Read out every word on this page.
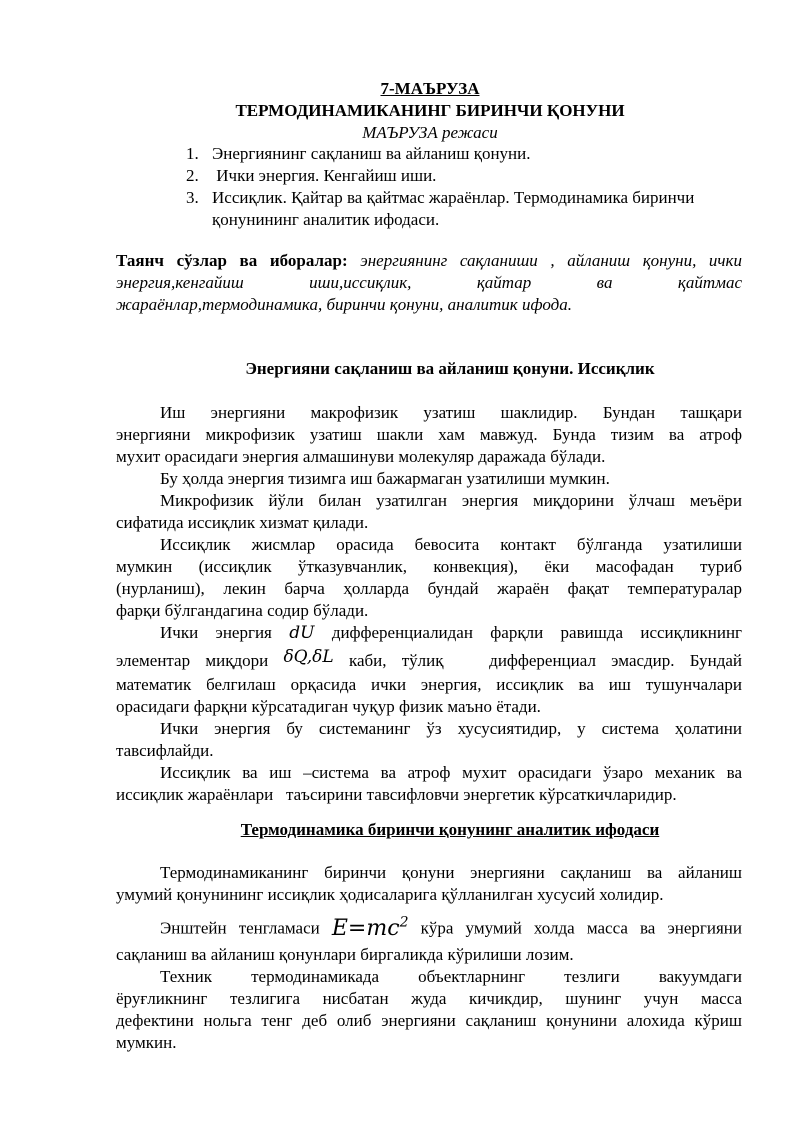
7-МАЪРУЗА

ТЕРМОДИНАМИКАНИНГ БИРИНЧИ ҚОНУНИ

МАЪРУЗА режаси

1. Энергиянинг сақланиш ва айланиш қонуни.
2. Ички энергия. Кенгайиш иши.
3. Иссиқлик. Қайтар ва қайтмас жараёнлар. Термодинамика биринчи
қонунининг аналитик ифодаси.
Таянч сўзлар ва иборалар: энергиянинг сақланиши , айланиш қонуни, ички
энергия,кенгайиш иши,иссиқлик, қайтар ва қайтмас
жараёнлар,термодинамика, биринчи қонуни, аналитик ифода.

Энергияни сақланиш ва айланиш қонуни. Иссиқлик

Иш энергияни макрофизик узатиш шаклидир. Бундан ташқари
энергияни микрофизик узатиш шакли хам мавжуд. Бунда тизим ва атроф
мухит орасидаги энергия алмашинуви молекуляр даражада бўлади.
Бу ҳолда энергия тизимга иш бажармаган узатилиши мумкин.
Микрофизик йўли билан узатилган энергия миқдорини ўлчаш меъёри
сифатида иссиқлик хизмат қилади.
Иссиқлик жисмлар орасида бевосита контакт бўлганда узатилиши
мумкин (иссиқлик ўтказувчанлик, конвекция), ёки масофадан туриб
(нурланиш), лекин барча ҳолларда бундай жараён фақат температуралар
фарқи бўлгандагина содир бўлади.
Ички энергия dU дифференциалидан фарқли равишда иссиқликнинг
элементар миқдори δQ,δL каби, тўлиқ   дифференциал эмасдир. Бундай
математик белгилаш орқасида ички энергия, иссиқлик ва иш тушунчалари
орасидаги фарқни кўрсатадиган чуқур физик маъно ётади.
Ички энергия бу системанинг ўз хусусиятидир, у система ҳолатини
тавсифлайди.
Иссиқлик ва иш –система ва атроф мухит орасидаги ўзаро механик ва
иссиқлик жараёнлари   таъсирини тавсифловчи энергетик кўрсаткичларидир.

Термодинамика биринчи қонунинг аналитик ифодаси

Термодинамиканинг биринчи қонуни энергияни сақланиш ва айланиш
умумий қонунининг иссиқлик ҳодисаларига қўлланилган хусусий холидир.
Энштейн тенгламаси $E=mc^2$ кўра умумий холда масса ва энергияни
сақланиш ва айланиш қонунлари биргаликда кўрилиши лозим.
Техник термодинамикада объектларнинг тезлиги вакуумдаги
ёруғликнинг тезлигига нисбатан жуда кичикдир, шунинг учун масса
дефектини нольга тенг деб олиб энергияни сақланиш қонунини алохида кўриш
мумкин.
